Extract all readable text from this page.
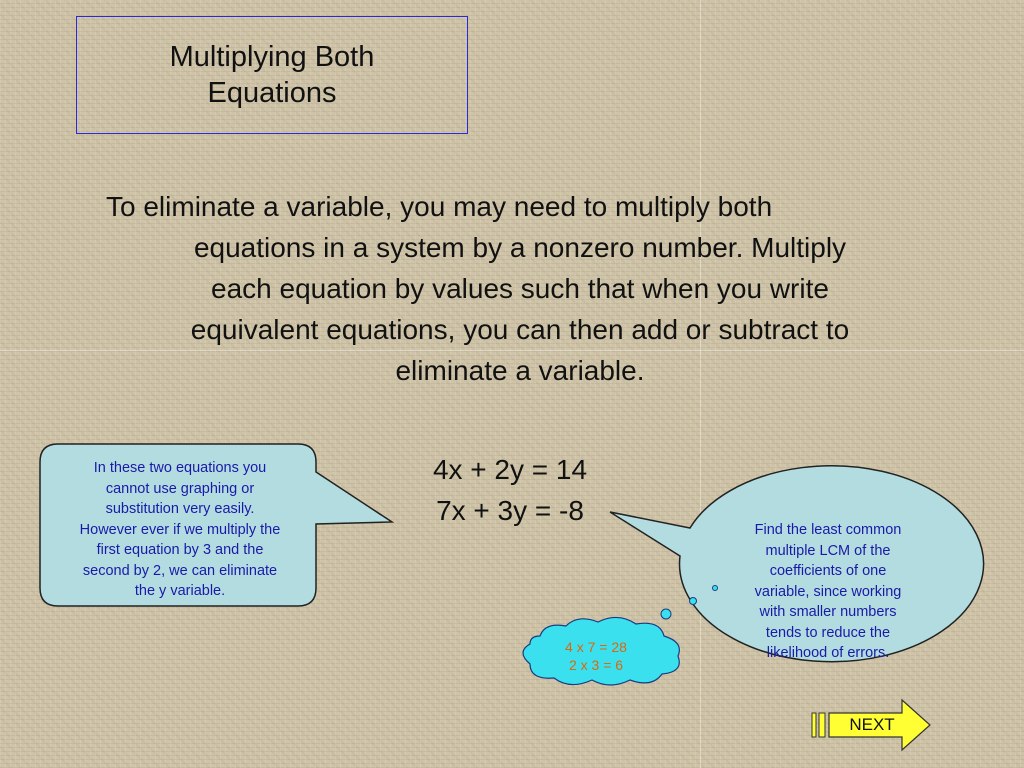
Multiplying Both
Equations
To eliminate a variable, you may need to multiply both
equations in a system by a nonzero number. Multiply
each equation by values such that when you write
equivalent equations, you can then add or subtract to
eliminate a variable.
4x + 2y = 14
7x + 3y = -8
In these two equations you
cannot use graphing or
substitution very easily.
However ever if we multiply the
first equation by 3 and the
second by 2, we can eliminate
the y variable.
Find the least common
multiple LCM of the
coefficients of one
variable, since working
with smaller numbers
tends to reduce the
likelihood of errors.
4 x 7 = 28
2 x 3 = 6
NEXT
